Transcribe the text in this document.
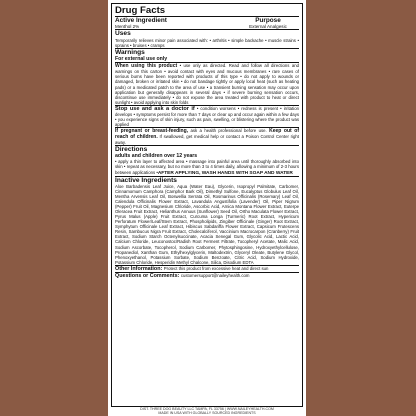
Drug Facts
Active Ingredient	Purpose
Menthol 2%	External Analgesic
Uses
Temporarily relieves minor pain associated with: • arthritis • simple backache • muscle strains • sprains • bruises • cramps
Warnings
For external use only
When using this product • use only as directed. Read and follow all directions and warnings on this carton • avoid contact with eyes and mucous membranes • rare cases of serious burns have been reported with products of this type • do not apply to wounds or damaged, broken or irritated skin • do not bandage tightly or apply local heat (such as heating pads) or a medicated patch to the area of use • a transient burning sensation may occur upon application but generally disappears in several days • if severe burning sensation occurs, discontinue use immediately • do not expose the area treated with product to heat or direct sunlight • avoid applying into skin folds
Stop use and ask a doctor if • condition worsens • redness is present • irritation develops • symptoms persist for more than 7 days or clear up and occur again within a few days • you experience signs of skin injury, such as pain, swelling, or blistering where the product was applied
If pregnant or breast-feeding, ask a health professional before use. Keep out of reach of children. If swallowed, get medical help or contact a Poison Control Center right away.
Directions
adults and children over 12 years
• apply a thin layer to affected area • massage into painful area until thoroughly absorbed into skin • repeat as necessary, but no more than 3 to 4 times daily, allowing a minimum of 2-3 hours between applications •AFTER APPLYING, WASH HANDS WITH SOAP AND WATER
Inactive Ingredients
Aloe Barbadensis Leaf Juice, Aqua (Water Eau), Glycerin, Isopropyl Palmitate, Carbomer, Cinnamomum Camphora (Camphor Bark Oil), Dimethyl Sulfone, Eucalyptus Globulus Leaf Oil, Mentha Arvensis Leaf Oil, Boswellia Serrata Oil, Rosmarinus Officinalis (Rosemary) Leaf Oil, Calendula Officinalis Flower Extract, Lavandula Angustifolia (Lavender) Oil, Piper Nigrum (Pepper) Fruit Oil, Magnesium Chloride, Ascorbic Acid, Arnica Montana Flower Extract, Euterpe Oleracea Fruit Extract, Helianthus Annuus (Sunflower) Seed Oil, Ortho Maculata Flower Extract, Pyrus Malus (Apple) Fruit Extract, Curcuma Longa (Turmeric) Root Extract, Hypericum Perforatum Flower/Leaf/Stem Extract, Phospholipids, Zingiber Officinale (Ginger) Root Extract, Symphytum Officinale Leaf Extract, Hibiscus Sabdariffa Flower Extract, Capsicum Frutescens Resin, Sambucus Nigra Fruit Extract, Cholecalciferol, Vaccinium Macrocarpon (Cranberry) Fruit Extract, Sodium Starch Octenylsuccinate, Acacia Senegal Gum, Glycolic Acid, Lactic Acid, Calcium Chloride, Leuconostoc/Radish Root Ferment Filtrate, Tocopheryl Acetate, Malic Acid, Sodium Ascorbate, Tocopherol, Sodium Carbomer, Phytosphingosine, Hydroxyethylcellulose, Propanediol, Xanthan Gum, Ethylhexylglycerin, Maltodextrin, Glyceryl Oleate, Butylene Glycol, Phenoxyethanol, Potassium Sorbate, Sodium Benzoate, Citric Acid, Sodium Hydroxide, Potassium Chloride, Hesperidin Methyl Chalcone, Silica, Disodium EDTA
Other Information: Protect this product from excessive heat and direct sun
Questions or Comments: customersupport@naileyhealth.com
DIST. THREE DOG BEAUTY LLC TAMPA, FL 33756 | WWW.NAILEYHEALTH.COM
MADE IN USA WITH GLOBALLY SOURCED INGREDIENTS
